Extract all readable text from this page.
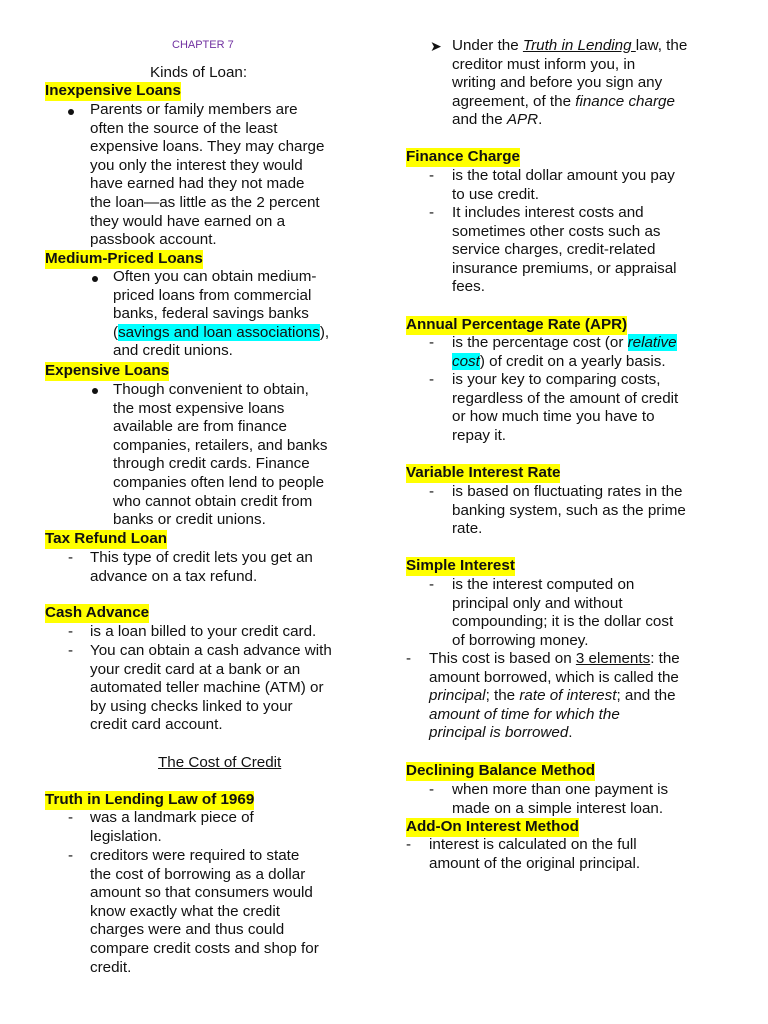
CHAPTER 7
Kinds of Loan:
Inexpensive Loans
Parents or family members are
often the source of the least
expensive loans. They may charge
you only the interest they would
have earned had they not made
the loan—as little as the 2 percent
they would have earned on a
passbook account.
Medium-Priced Loans
Often you can obtain medium-
priced loans from commercial
banks, federal savings banks
(savings and loan associations),
and credit unions.
Expensive Loans
Though convenient to obtain,
the most expensive loans
available are from finance
companies, retailers, and banks
through credit cards. Finance
companies often lend to people
who cannot obtain credit from
banks or credit unions.
Tax Refund Loan
- This type of credit lets you get an
advance on a tax refund.
Cash Advance
- is a loan billed to your credit card.
- You can obtain a cash advance with
your credit card at a bank or an
automated teller machine (ATM) or
by using checks linked to your
credit card account.
The Cost of Credit
Truth in Lending Law of 1969
- was a landmark piece of
legislation.
- creditors were required to state
the cost of borrowing as a dollar
amount so that consumers would
know exactly what the credit
charges were and thus could
compare credit costs and shop for
credit.
➤ Under the Truth in Lending law, the
creditor must inform you, in
writing and before you sign any
agreement, of the finance charge
and the APR.
Finance Charge
- is the total dollar amount you pay
to use credit.
- It includes interest costs and
sometimes other costs such as
service charges, credit-related
insurance premiums, or appraisal
fees.
Annual Percentage Rate (APR)
- is the percentage cost (or relative
cost) of credit on a yearly basis.
- is your key to comparing costs,
regardless of the amount of credit
or how much time you have to
repay it.
Variable Interest Rate
- is based on fluctuating rates in the
banking system, such as the prime
rate.
Simple Interest
- is the interest computed on
principal only and without
compounding; it is the dollar cost
of borrowing money.
- This cost is based on 3 elements: the
amount borrowed, which is called the
principal; the rate of interest; and the
amount of time for which the
principal is borrowed.
Declining Balance Method
- when more than one payment is
made on a simple interest loan.
Add-On Interest Method
- interest is calculated on the full
amount of the original principal.
